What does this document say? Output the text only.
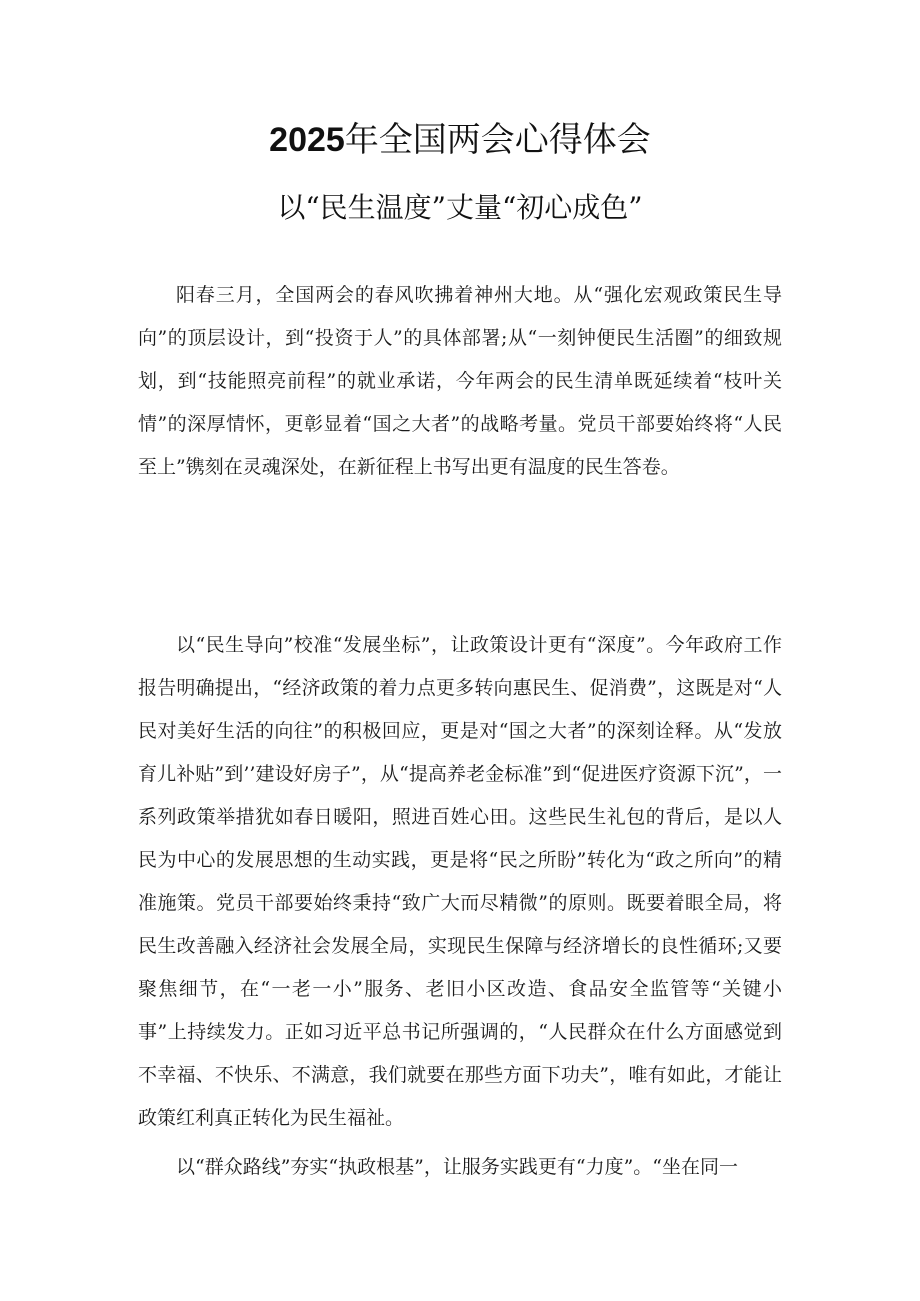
2025年全国两会心得体会
以“民生温度”丈量“初心成色”

阳春三月，全国两会的春风吹拂着神州大地。从“强化宏观政策民生导向”的顶层设计，到“投资于人”的具体部署;从“一刻钟便民生活圈”的细致规划，到“技能照亮前程”的就业承诺，今年两会的民生清单既延续着“枝叶关情”的深厚情怀，更彰显着“国之大者”的战略考量。党员干部要始终将“人民至上”镌刻在灵魂深处，在新征程上书写出更有温度的民生答卷。

以“民生导向”校准“发展坐标”，让政策设计更有“深度”。今年政府工作报告明确提出，“经济政策的着力点更多转向惠民生、促消费”，这既是对“人民对美好生活的向往”的积极回应，更是对“国之大者”的深刻诠释。从“发放育儿补贴”到’’建设好房子”，从“提高养老金标准”到“促进医疗资源下沉”，一系列政策举措犹如春日暖阳，照进百姓心田。这些民生礼包的背后，是以人民为中心的发展思想的生动实践，更是将“民之所盼”转化为“政之所向”的精准施策。党员干部要始终秉持“致广大而尽精微”的原则。既要着眼全局，将民生改善融入经济社会发展全局，实现民生保障与经济增长的良性循环;又要聚焦细节，在“一老一小”服务、老旧小区改造、食品安全监管等“关键小事”上持续发力。正如习近平总书记所强调的，“人民群众在什么方面感觉到不幸福、不快乐、不满意，我们就要在那些方面下功夫”，唯有如此，才能让政策红利真正转化为民生福祉。

以“群众路线”夯实“执政根基”，让服务实践更有“力度”。“坐在同一
